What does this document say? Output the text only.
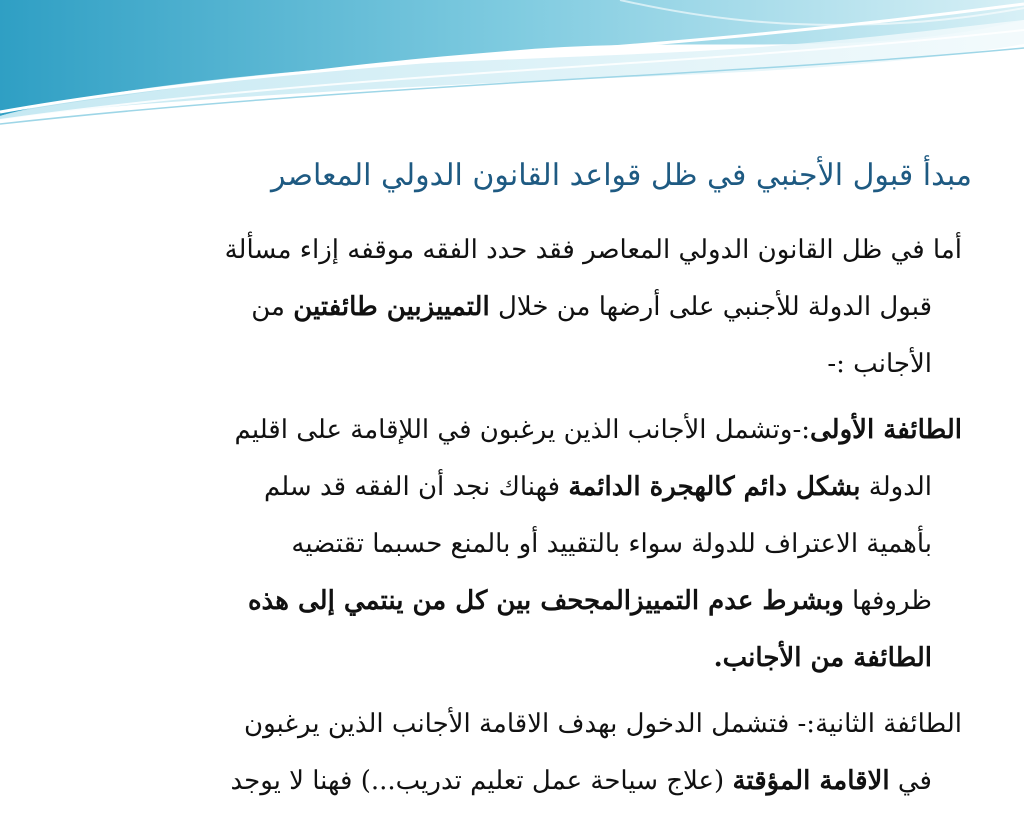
مبدأ قبول الأجنبي في ظل قواعد القانون الدولي المعاصر
أما في ظل القانون الدولي المعاصر فقد حدد الفقه موقفه إزاء مسألة
قبول الدولة للأجنبي على أرضها من خلال التمييزبين طائفتين من
الأجانب :-
الطائفة الأولى:-وتشمل الأجانب الذين يرغبون في اللإقامة على اقليم
الدولة بشكل دائم كالهجرة الدائمة فهناك نجد أن الفقه قد سلم
بأهمية الاعتراف للدولة سواء بالتقييد أو بالمنع حسبما تقتضيه
ظروفها وبشرط عدم التمييزالمجحف بين كل من ينتمي إلى هذه
الطائفة من الأجانب.
الطائفة الثانية:- فتشمل الدخول بهدف الاقامة الأجانب الذين يرغبون
في الاقامة المؤقتة (علاج سياحة عمل تعليم تدريب...) فهنا لا يوجد
